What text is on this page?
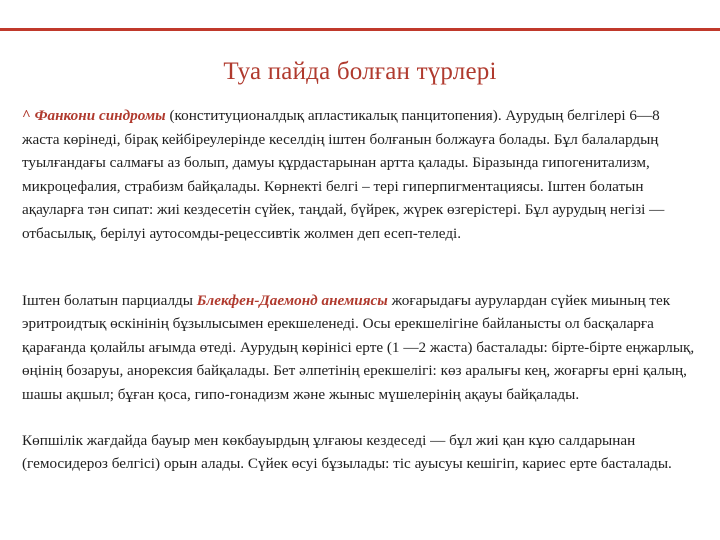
Туа пайда болған түрлері

^ Фанкони синдромы (конституционалдық апластикалық панцитопения). Аурудың белгілері 6—8 жаста көрінеді, бірақ кейбіреулерінде кеселдің іштен болғанын болжауға болады. Бұл балалардың туылғандағы салмағы аз болып, дамуы құрдастарынан артта қалады. Біразында гипогенитализм, микроцефалия, страбизм байқалады. Көрнекті белгі – тері гиперпигментациясы. Іштен болатын ақауларға тән сипат: жиі кездесетін сүйек, таңдай, бүйрек, жүрек өзгерістері. Бұл аурудың негізі — отбасылық, берілуі аутосомды-рецессивтік жолмен деп есеп-теледі.

Іштен болатын парциалды Блекфен-Даемонд анемиясы жоғарыдағы аурулардан сүйек миының тек эритроидтық өскінінің бұзылысымен ерекшеленеді. Осы ерекшелігіне байланысты ол басқаларға қарағанда қолайлы ағымда өтеді. Аурудың көрінісі ерте (1 —2 жаста) басталады: бірте-бірте еңжарлық, өңінің бозаруы, анорексия байқалады. Бет әлпетінің ерекшелігі: көз аралығы кең, жоғарғы ерні қалың, шашы ақшыл; бұған қоса, гипо-гонадизм және жыныс мүшелерінің ақауы байқалады.

Көпшілік жағдайда бауыр мен көкбауырдың ұлғаюы кездеседі — бұл жиі қан кұю салдарынан (гемосидероз белгісі) орын алады. Сүйек өсуі бұзылады: тіс ауысуы кешігіп, кариес ерте басталады.
